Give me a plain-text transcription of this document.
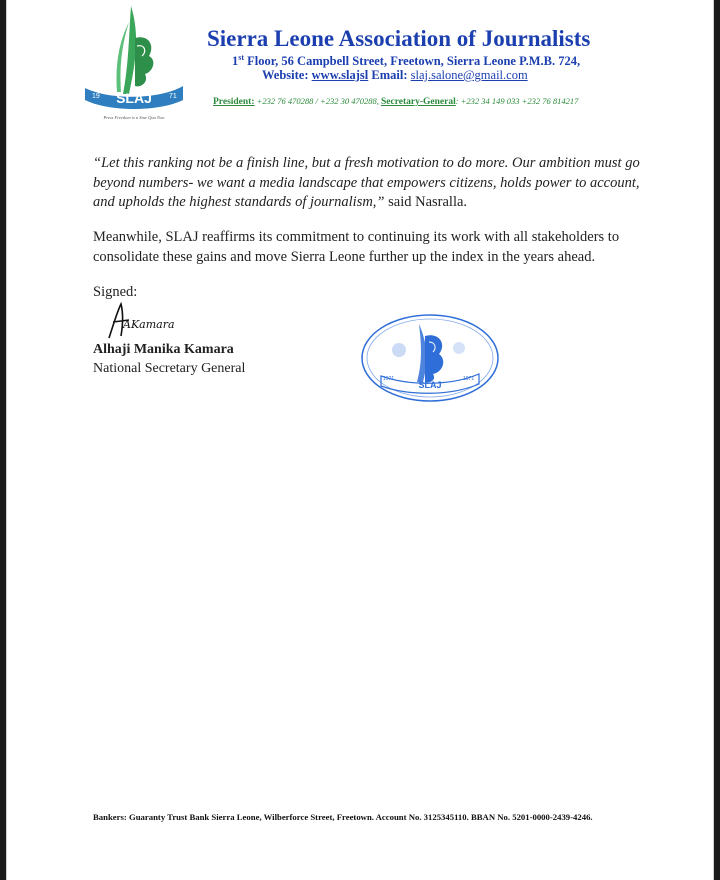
SLAJ
19	71
Press Freedom is a Sine Qua Non
Sierra Leone Association of Journalists
1st Floor, 56 Campbell Street, Freetown, Sierra Leone P.M.B. 724,
Website: www.slajsl Email: slaj.salone@gmail.com
President: +232 76 470288 / +232 30 470288, Secretary-General: +232 34 149 033 +232 76 814217
“Let this ranking not be a finish line, but a fresh motivation to do more. Our ambition must go beyond numbers- we want a media landscape that empowers citizens, holds power to account, and upholds the highest standards of journalism,” said Nasralla.
Meanwhile, SLAJ reaffirms its commitment to continuing its work with all stakeholders to consolidate these gains and move Sierra Leone further up the index in the years ahead.
Signed:
AKamara
Alhaji Manika Kamara
National Secretary General
SLAJ
1971	1971
Bankers: Guaranty Trust Bank Sierra Leone, Wilberforce Street, Freetown. Account No. 3125345110. BBAN No. 5201-0000-2439-4246.
